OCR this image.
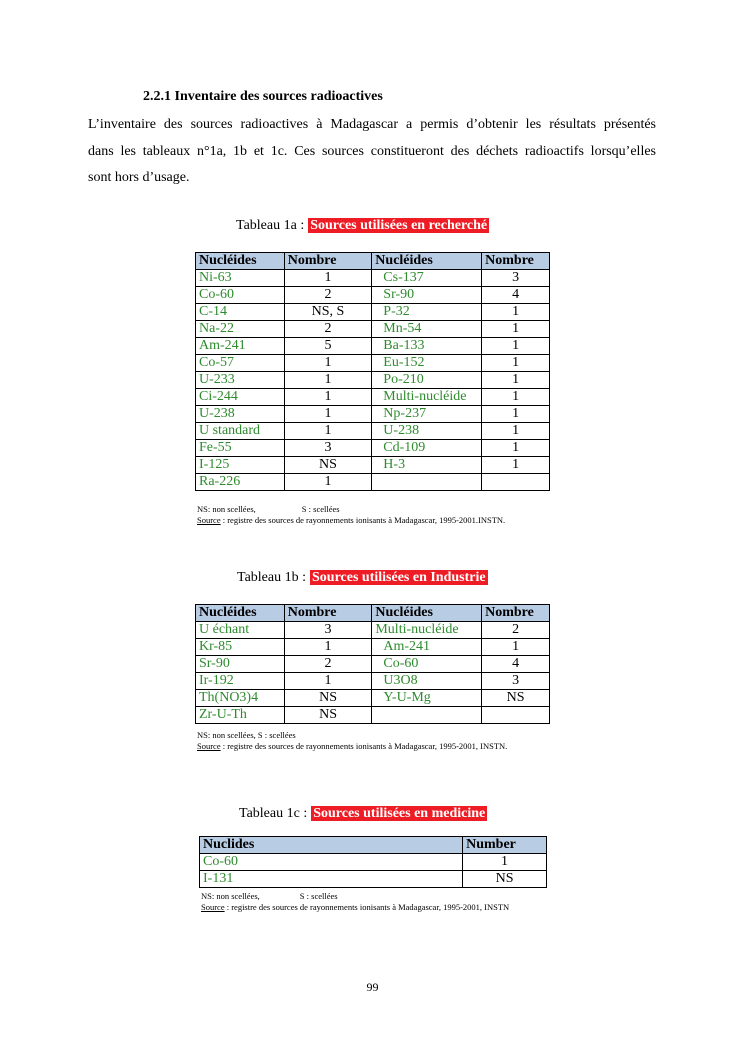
2.2.1 Inventaire des sources radioactives

L’inventaire des sources radioactives à Madagascar a permis d’obtenir les résultats présentés

dans les tableaux n°1a, 1b et 1c. Ces sources constitueront des déchets radioactifs lorsqu’elles

sont hors d’usage.

Tableau 1a : Sources utilisées en recherché
Nucléides	Nombre	Nucléides	Nombre
Ni-63	1	Cs-137	3
Co-60	2	Sr-90	4
C-14	NS, S	P-32	1
Na-22	2	Mn-54	1
Am-241	5	Ba-133	1
Co-57	1	Eu-152	1
U-233	1	Po-210	1
Ci-244	1	Multi-nucléide	1
U-238	1	Np-237	1
U standard	1	U-238	1
Fe-55	3	Cd-109	1
I-125	NS	H-3	1
Ra-226	1		
NS: non scellées,	S : scellées
Source : registre des sources de rayonnements ionisants à Madagascar, 1995-2001.INSTN.
Tableau 1b : Sources utilisées en Industrie
Nucléides	Nombre	Nucléides	Nombre
U échant	3	Multi-nucléide	2
Kr-85	1	Am-241	1
Sr-90	2	Co-60	4
Ir-192	1	U3O8	3
Th(NO3)4	NS	Y-U-Mg	NS
Zr-U-Th	NS		
NS: non scellées, S : scellées
Source : registre des sources de rayonnements ionisants à Madagascar, 1995-2001, INSTN.
Tableau 1c : Sources utilisées en medicine
Nuclides	Number
Co-60	1
I-131	NS
NS: non scellées,	S : scellées
Source : registre des sources de rayonnements ionisants à Madagascar, 1995-2001, INSTN
99
